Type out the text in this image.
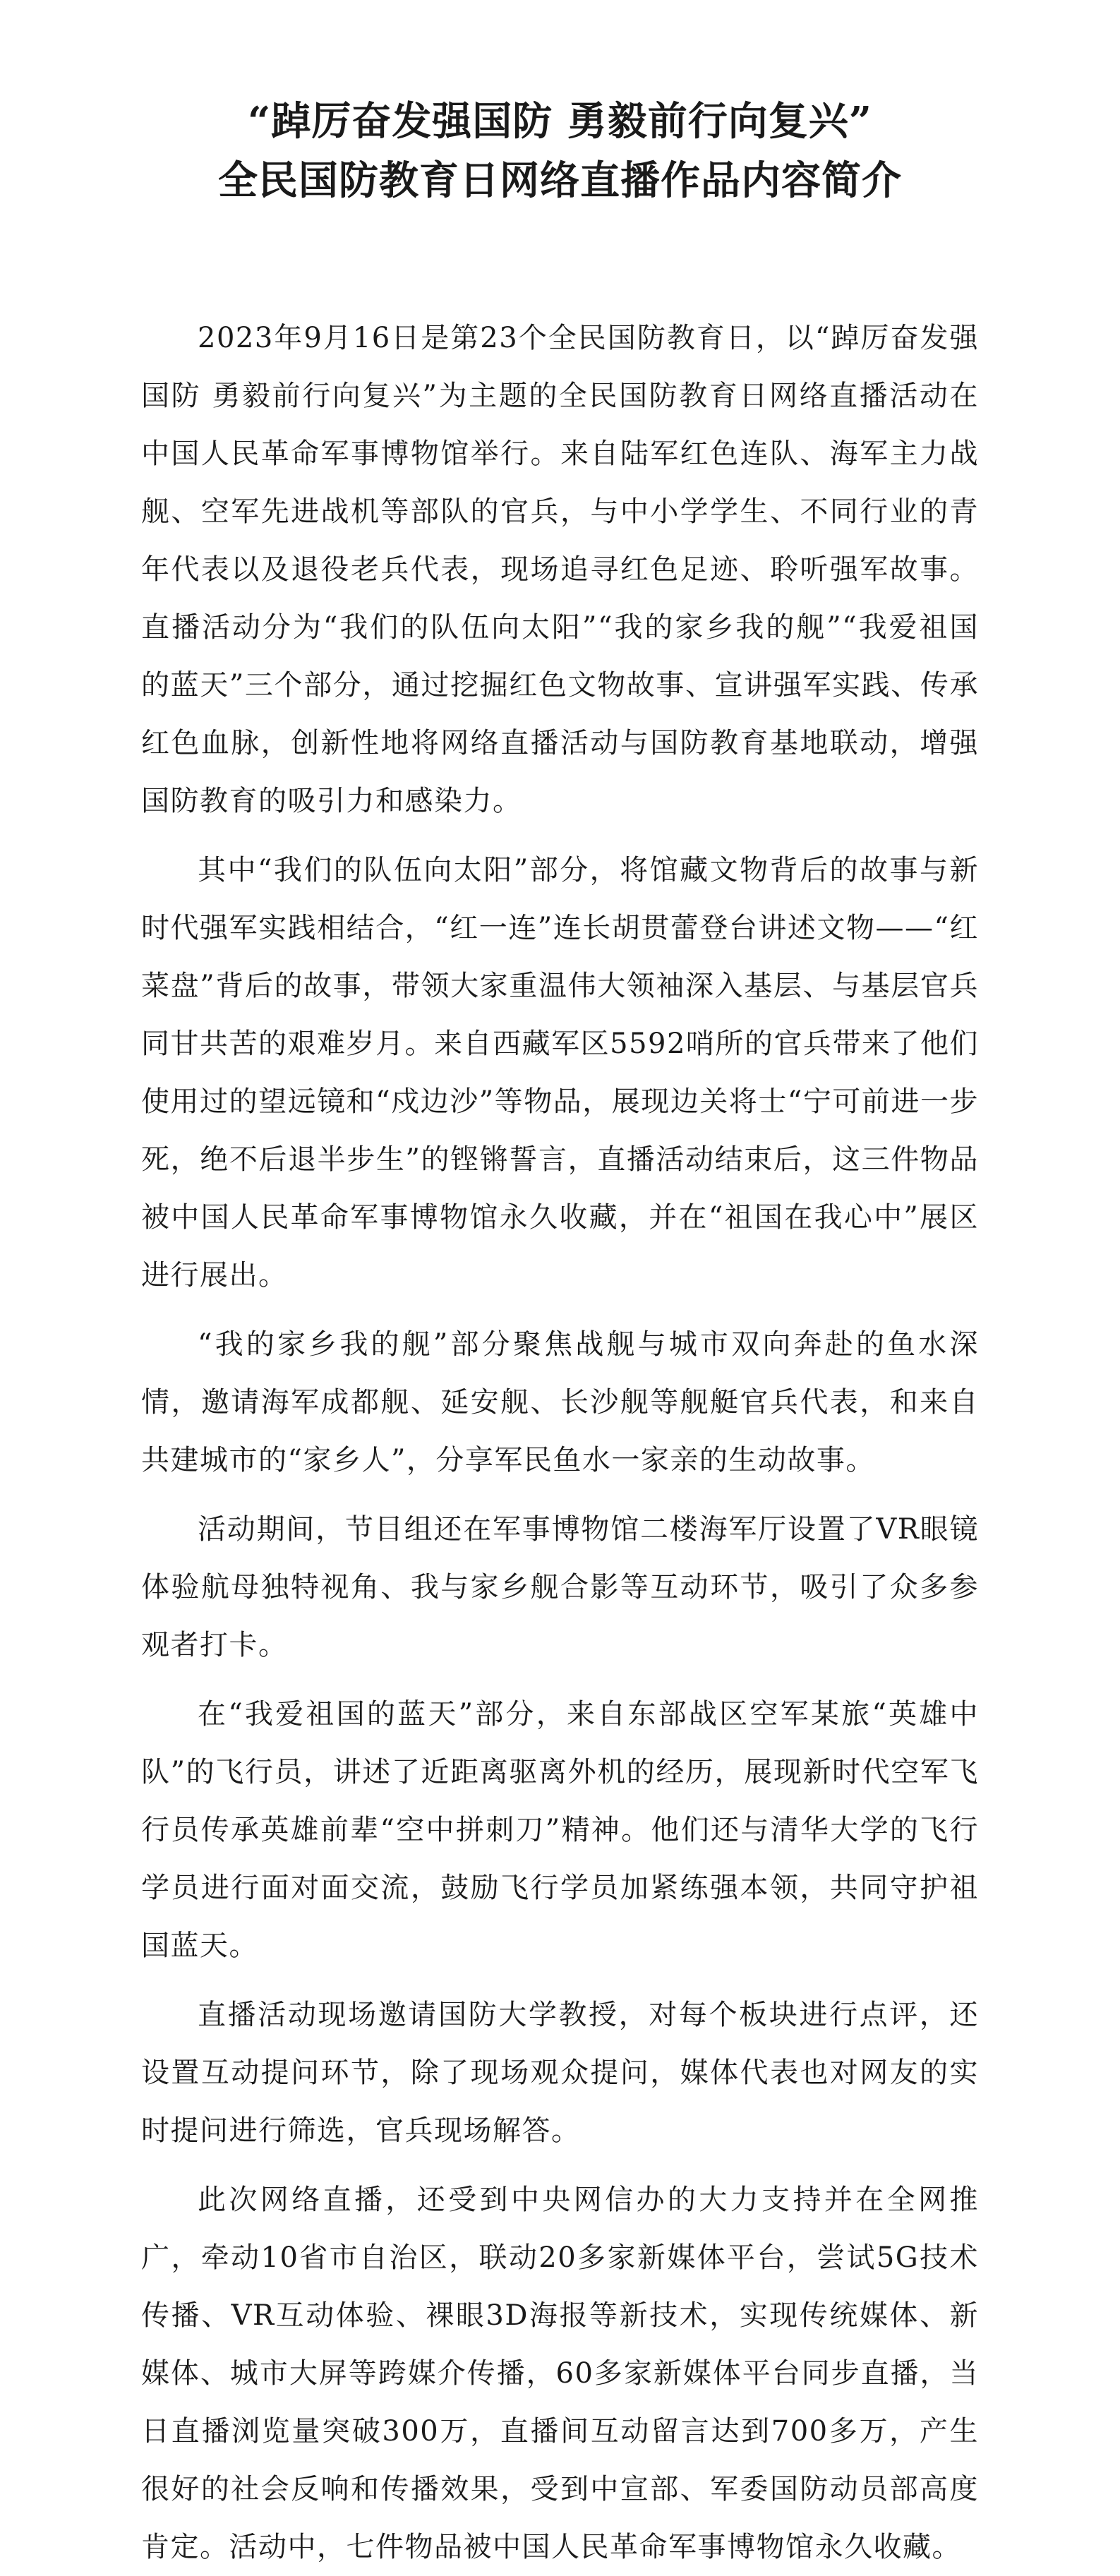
“踔厉奋发强国防 勇毅前行向复兴”
全民国防教育日网络直播作品内容简介

2023年9月16日是第23个全民国防教育日，以“踔厉奋发强国防 勇毅前行向复兴”为主题的全民国防教育日网络直播活动在中国人民革命军事博物馆举行。来自陆军红色连队、海军主力战舰、空军先进战机等部队的官兵，与中小学学生、不同行业的青年代表以及退役老兵代表，现场追寻红色足迹、聆听强军故事。直播活动分为“我们的队伍向太阳”“我的家乡我的舰”“我爱祖国的蓝天”三个部分，通过挖掘红色文物故事、宣讲强军实践、传承红色血脉，创新性地将网络直播活动与国防教育基地联动，增强国防教育的吸引力和感染力。

其中“我们的队伍向太阳”部分，将馆藏文物背后的故事与新时代强军实践相结合，“红一连”连长胡贯蕾登台讲述文物——“红菜盘”背后的故事，带领大家重温伟大领袖深入基层、与基层官兵同甘共苦的艰难岁月。来自西藏军区5592哨所的官兵带来了他们使用过的望远镜和“戍边沙”等物品，展现边关将士“宁可前进一步死，绝不后退半步生”的铿锵誓言，直播活动结束后，这三件物品被中国人民革命军事博物馆永久收藏，并在“祖国在我心中”展区进行展出。

“我的家乡我的舰”部分聚焦战舰与城市双向奔赴的鱼水深情，邀请海军成都舰、延安舰、长沙舰等舰艇官兵代表，和来自共建城市的“家乡人”，分享军民鱼水一家亲的生动故事。

活动期间，节目组还在军事博物馆二楼海军厅设置了VR眼镜体验航母独特视角、我与家乡舰合影等互动环节，吸引了众多参观者打卡。

在“我爱祖国的蓝天”部分，来自东部战区空军某旅“英雄中队”的飞行员，讲述了近距离驱离外机的经历，展现新时代空军飞行员传承英雄前辈“空中拼刺刀”精神。他们还与清华大学的飞行学员进行面对面交流，鼓励飞行学员加紧练强本领，共同守护祖国蓝天。

直播活动现场邀请国防大学教授，对每个板块进行点评，还设置互动提问环节，除了现场观众提问，媒体代表也对网友的实时提问进行筛选，官兵现场解答。

此次网络直播，还受到中央网信办的大力支持并在全网推广，牵动10省市自治区，联动20多家新媒体平台，尝试5G技术传播、VR互动体验、裸眼3D海报等新技术，实现传统媒体、新媒体、城市大屏等跨媒介传播，60多家新媒体平台同步直播，当日直播浏览量突破300万，直播间互动留言达到700多万，产生很好的社会反响和传播效果，受到中宣部、军委国防动员部高度肯定。活动中，七件物品被中国人民革命军事博物馆永久收藏。
